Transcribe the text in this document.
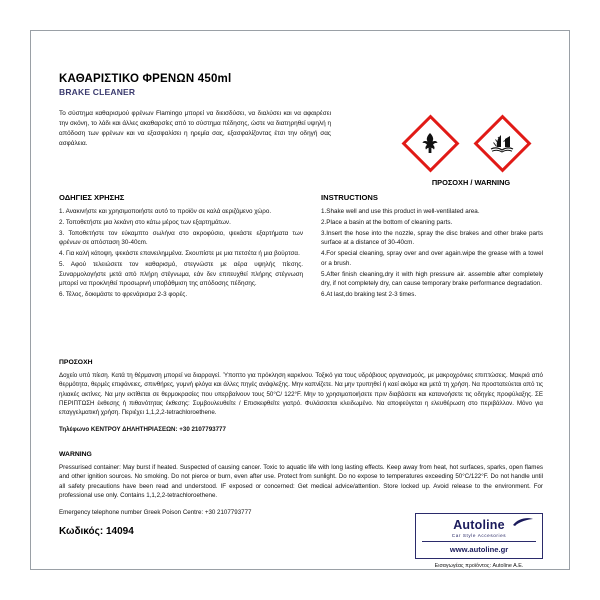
ΚΑΘΑΡΙΣΤΙΚΟ ΦΡΕΝΩΝ 450ml
BRAKE CLEANER
Το σύστημα καθαρισμού φρένων Flamingo μπορεί να διεισδύσει, να διαλύσει και να αφαιρέσει την σκόνη, το λάδι και άλλες ακαθαρσίες από το σύστημα πέδησης, ώστε να διατηρηθεί υψηλή η απόδοση των φρένων και να εξασφαλίσει η ηρεμία σας, εξασφαλίζοντας έτσι την οδηγή σας ασφάλεια.
ΠΡΟΣΟΧΗ / WARNING
ΟΔΗΓΙΕΣ ΧΡΗΣΗΣ
1. Ανακινήστε και χρησιμοποιήστε αυτό το προϊόν σε καλά αεριζόμενο χώρο.
2. Τοποθετήστε μια λεκάνη στο κάτω μέρος των εξαρτημάτων.
3. Τοποθετήστε τον εύκαμπτο σωλήνα στο ακροφύσιο, ψεκάστε εξαρτήματα των φρένων σε απόσταση 30-40cm.
4. Για καλή κάτοψη, ψεκάστε επανειλημμένα. Σκουπίστε με μια πετσέτα ή μια βούρτσα.
5. Αφού τελειώσετε τον καθαρισμό, στεγνώστε με αέρα υψηλής πίεσης. Συναρμολογήστε μετά από πλήρη στέγνωμα, εάν δεν επιτευχθεί πλήρης στέγνωση μπορεί να προκληθεί προσωρινή υποβάθμιση της απόδοσης πέδησης.
6. Τέλος, δοκιμάστε το φρενάρισμα 2-3 φορές.
INSTRUCTIONS
1.Shake well and use this product in well-ventilated area.
2.Place a basin at the bottom of cleaning parts.
3.Insert the hose into the nozzle, spray the disc brakes and other brake parts surface at a distance of 30-40cm.
4.For special cleaning, spray over and over again.wipe the grease with a towel or a brush.
5.After finish cleaning,dry it with high pressure air. assemble after completely dry, if not completely dry, can cause temporary brake performance degradation.
6.At last,do braking test 2-3 times.
ΠΡΟΣΟΧΗ

Δοχείο υπό πίεση. Κατά τη θέρμανση μπορεί να διαρραγεί. Ύποπτο για πρόκληση καρκίνου. Τοξικό για τους υδρόβιους οργανισμούς, με μακροχρόνιες επιπτώσεις. Μακριά από θερμότητα, θερμές επιφάνειες, σπινθήρες, γυμνή φλόγα και άλλες πηγές ανάφλεξης. Μην καπνίζετε. Να μην τρυπηθεί ή καεί ακόμα και μετά τη χρήση. Να προστατεύεται από τις ηλιακές ακτίνες. Να μην εκτίθεται σε θερμοκρασίες που υπερβαίνουν τους 50°C/ 122°F. Μην το χρησιμοποιήσετε πριν διαβάσετε και κατανοήσετε τις οδηγίες προφύλαξης. ΣΕ ΠΕΡΙΠΤΩΣΗ έκθεσης ή πιθανότητας έκθεσης: Συμβουλευθείτε / Επισκεφθείτε γιατρό. Φυλάσσεται κλειδωμένο. Να αποφεύγεται η ελευθέρωση στο περιβάλλον. Μόνο για επαγγελματική χρήση. Περιέχει 1,1,2,2-tetrachloroethene.

Τηλέφωνο ΚΕΝΤΡΟΥ ΔΗΛΗΤΗΡΙΑΣΕΩΝ: +30 2107793777

WARNING

Pressurised container: May burst if heated. Suspected of causing cancer. Toxic to aquatic life with long lasting effects. Keep away from heat, hot surfaces, sparks, open flames and other ignition sources. No smoking. Do not pierce or burn, even after use. Protect from sunlight. Do no expose to temperatures exceeding 50°C/122°F. Do not handle until all safety precautions have been read and understood. IF exposed or concerned: Get medical advice/attention. Store locked up. Avoid release to the environment. For professional use only. Contains 1,1,2,2-tetrachloroethene.

Emergency telephone number Greek Poison Centre: +30 2107793777

Κωδικός: 14094	Autoline
Car Style Accesories
www.autoline.gr
Εισαγωγέας προϊόντος: Autoline A.E.
